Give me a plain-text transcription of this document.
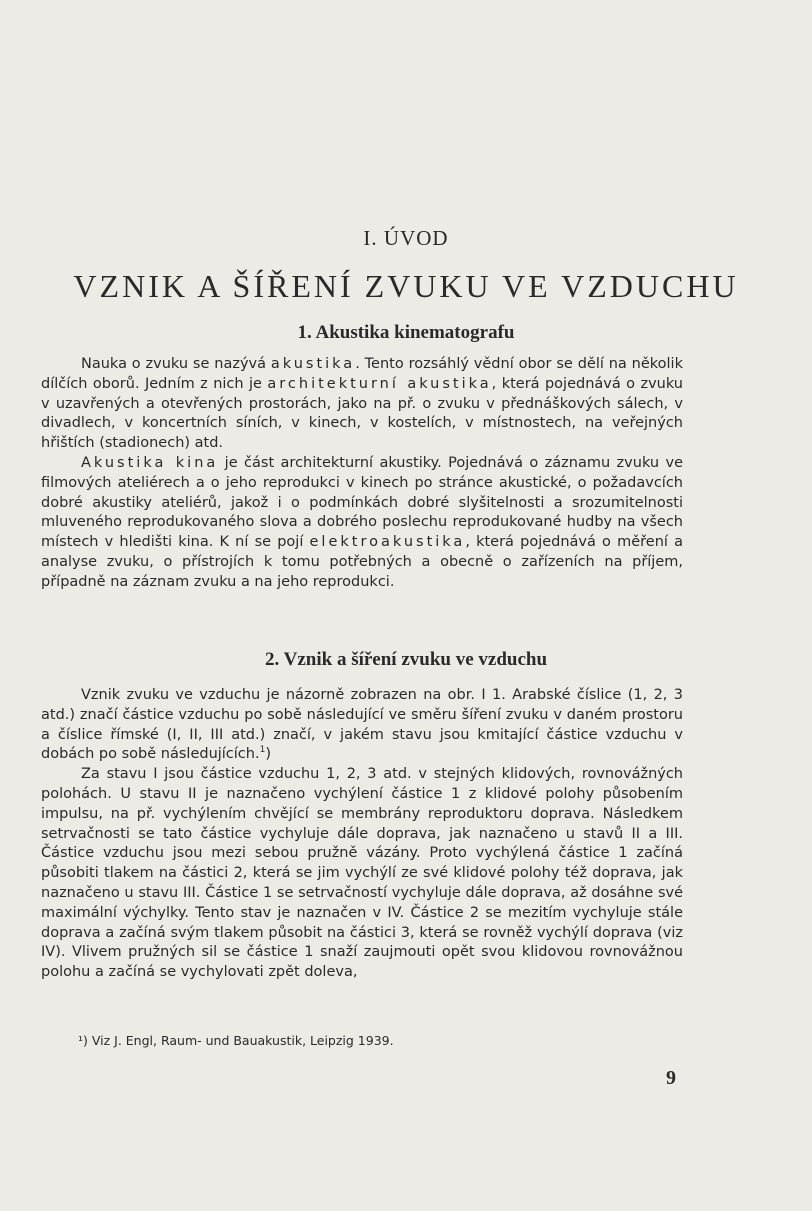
I. ÚVOD
VZNIK A ŠÍŘENÍ ZVUKU VE VZDUCHU
1. Akustika kinematografu

Nauka o zvuku se nazývá akustika. Tento rozsáhlý vědní obor se dělí na několik dílčích oborů. Jedním z nich je architekturní akustika, která pojednává o zvuku v uzavřených a otevřených prostorách, jako na př. o zvuku v přednáškových sálech, v divadlech, v koncertních síních, v kinech, v kostelích, v místnostech, na veřejných hřištích (stadionech) atd.

Akustika kina je část architekturní akustiky. Pojednává o záznamu zvuku ve filmových ateliérech a o jeho reprodukci v kinech po stránce akustické, o požadavcích dobré akustiky ateliérů, jakož i o podmínkách dobré slyšitelnosti a srozumitelnosti mluveného reprodukovaného slova a dobrého poslechu reprodukované hudby na všech místech v hledišti kina. K ní se pojí elektroakustika, která pojednává o měření a analyse zvuku, o přístrojích k tomu potřebných a obecně o zařízeních na příjem, případně na záznam zvuku a na jeho reprodukci.

2. Vznik a šíření zvuku ve vzduchu

Vznik zvuku ve vzduchu je názorně zobrazen na obr. I 1. Arabské číslice (1, 2, 3 atd.) značí částice vzduchu po sobě následující ve směru šíření zvuku v daném prostoru a číslice římské (I, II, III atd.) značí, v jakém stavu jsou kmitající částice vzduchu v dobách po sobě následujících.$^1$)

Za stavu I jsou částice vzduchu 1, 2, 3 atd. v stejných klidových, rovnovážných polohách. U stavu II je naznačeno vychýlení částice 1 z klidové polohy působením impulsu, na př. vychýlením chvějící se membrány reproduktoru doprava. Následkem setrvačnosti se tato částice vychyluje dále doprava, jak naznačeno u stavů II a III. Částice vzduchu jsou mezi sebou pružně vázány. Proto vychýlená částice 1 začíná působiti tlakem na částici 2, která se jim vychýlí ze své klidové polohy též doprava, jak naznačeno u stavu III. Částice 1 se setrvačností vychyluje dále doprava, až dosáhne své maximální výchylky. Tento stav je naznačen v IV. Částice 2 se mezitím vychyluje stále doprava a začíná svým tlakem působit na částici 3, která se rovněž vychýlí doprava (viz IV). Vlivem pružných sil se částice 1 snaží zaujmouti opět svou klidovou rovnovážnou polohu a začíná se vychylovati zpět doleva,

¹) Viz J. Engl, Raum- und Bauakustik, Leipzig 1939.
9
